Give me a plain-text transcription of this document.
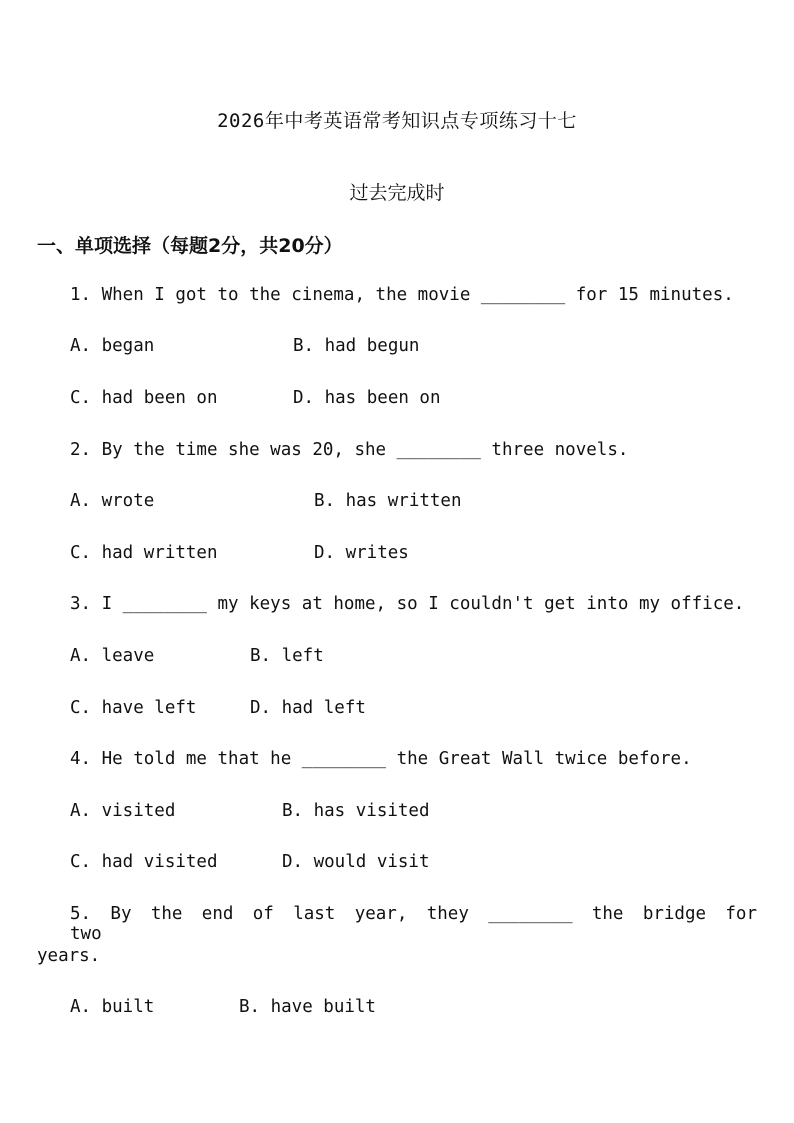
2026年中考英语常考知识点专项练习十七
过去完成时
一、单项选择（每题2分，共20分）
1. When I got to the cinema, the movie ________ for 15 minutes.
A. began	B. had begun
C. had been on	D. has been on
2. By the time she was 20, she ________ three novels.
A. wrote	B. has written
C. had written	D. writes
3. I ________ my keys at home, so I couldn't get into my office.
A. leave	B. left
C. have left	D. had left
4. He told me that he ________ the Great Wall twice before.
A. visited	B. has visited
C. had visited	D. would visit
5. By the end of last year, they ________ the bridge for two
years.
A. built	B. have built
